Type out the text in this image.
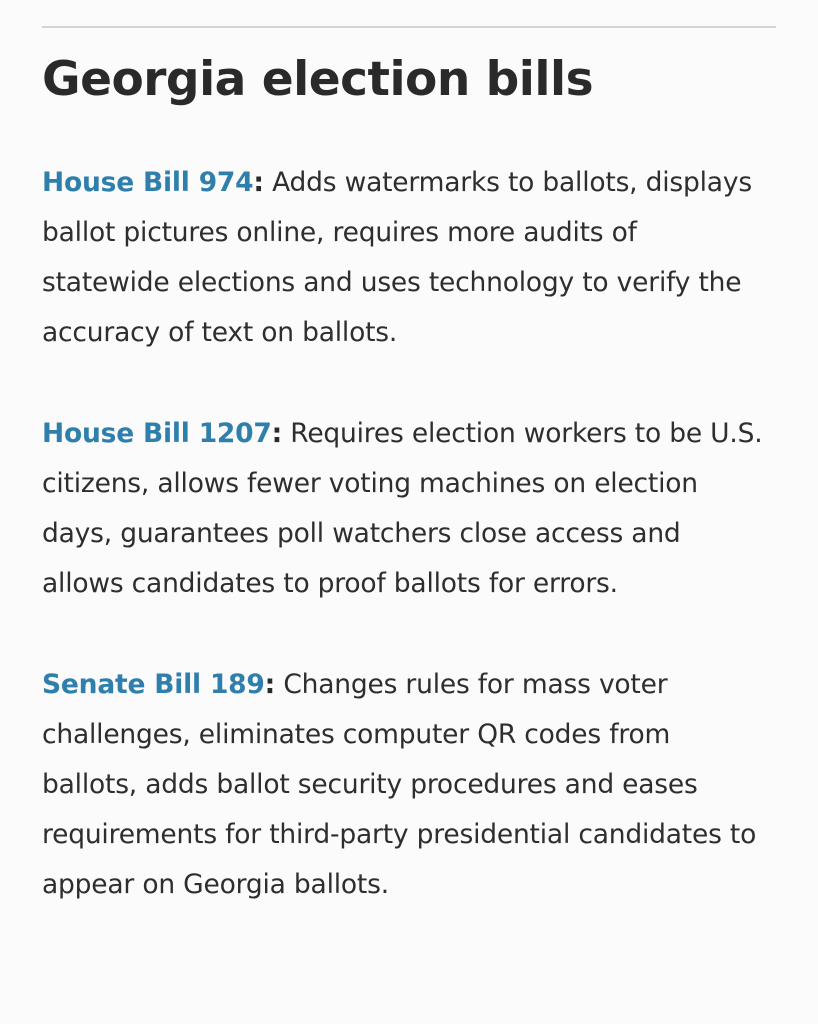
Georgia election bills

House Bill 974: Adds watermarks to ballots, displays ballot pictures online, requires more audits of statewide elections and uses technology to verify the accuracy of text on ballots.

House Bill 1207: Requires election workers to be U.S. citizens, allows fewer voting machines on election days, guarantees poll watchers close access and allows candidates to proof ballots for errors.

Senate Bill 189: Changes rules for mass voter challenges, eliminates computer QR codes from ballots, adds ballot security procedures and eases requirements for third-party presidential candidates to appear on Georgia ballots.
